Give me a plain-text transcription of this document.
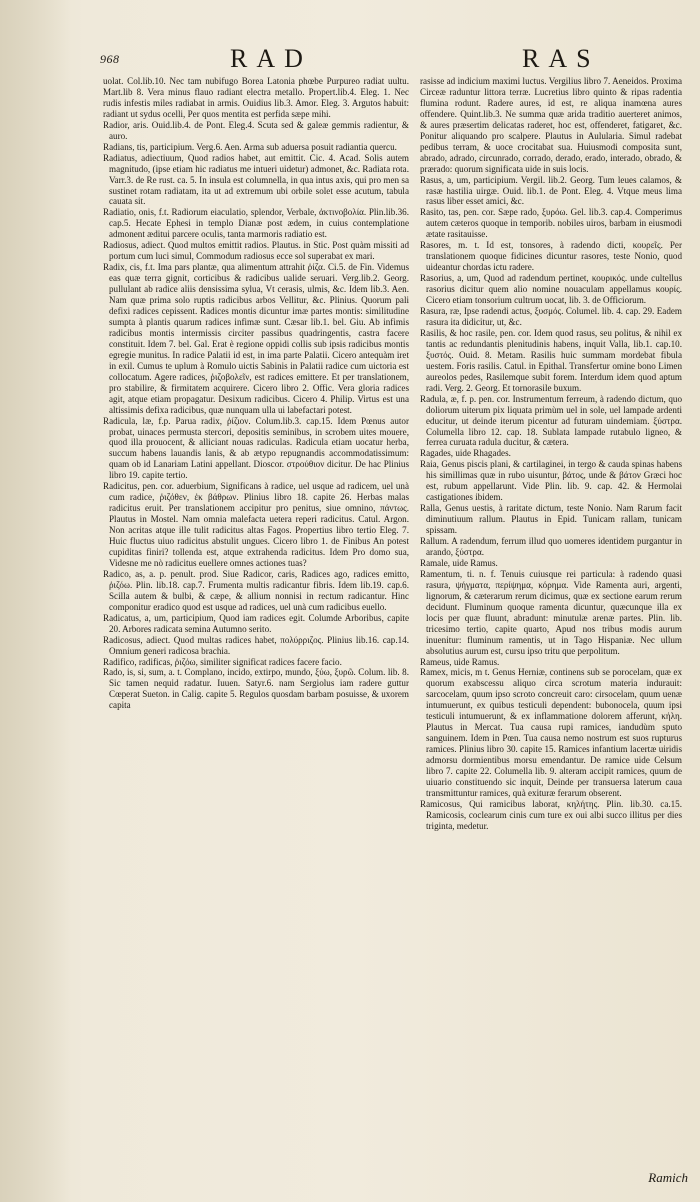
968	RAD	RAS

uolat. Col.lib.10. Nec tam nubifugo Borea Latonia phœbe Purpureo radiat uultu. Mart.lib 8. Vera minus flauo radiant electra metallo. Propert.lib.4. Eleg. 1. Nec rudis infestis miles radiabat in armis. Ouidius lib.3. Amor. Eleg. 3. Argutos habuit: radiant ut sydus ocelli, Per quos mentita est perfida sæpe mihi.

Radior, aris. Ouid.lib.4. de Pont. Eleg.4. Scuta sed & galeæ gemmis radientur, & auro.

Radians, tis, participium. Verg.6. Aen. Arma sub aduersa posuit radiantia quercu.

Radiatus, adiectiuum, Quod radios habet, aut emittit. Cic. 4. Acad. Solis autem magnitudo, (ipse etiam hic radiatus me intueri uidetur) admonet, &c. Radiata rota. Varr.3. de Re rust. ca. 5. In insula est columnella, in qua intus axis, qui pro men sa sustinet rotam radiatam, ita ut ad extremum ubi orbile solet esse acutum, tabula cauata sit.

Radiatio, onis, f.t. Radiorum eiaculatio, splendor, Verbale, ἀκτινοβολία. Plin.lib.36. cap.5. Hecate Ephesi in templo Dianæ post ædem, in cuius contemplatione admonent æditui parcere oculis, tanta marmoris radiatio est.

Radiosus, adiect. Quod multos emittit radios. Plautus. in Stic. Post quàm missiti ad portum cum luci simul, Commodum radiosus ecce sol superabat ex mari.

Radix, cis, f.t. Ima pars plantæ, qua alimentum attrahit ῥίζα. Ci.5. de Fin. Videmus eas quæ terra gignit, corticibus & radicibus ualide seruari. Verg.lib.2. Georg. pullulant ab radice aliis densissima sylua, Vt cerasis, ulmis, &c. Idem lib.3. Aen. Nam quæ prima solo ruptis radicibus arbos Vellitur, &c. Plinius. Quorum pali defixi radices cepissent. Radices montis dicuntur imæ partes montis: similitudine sumpta à plantis quarum radices infimæ sunt. Cæsar lib.1. bel. Giu. Ab infimis radicibus montis intermissis circiter passibus quadringentis, castra facere constituit. Idem 7. bel. Gal. Erat è regione oppidi collis sub ipsis radicibus montis egregie munitus. In radice Palatii id est, in ima parte Palatii. Cicero antequàm iret in exil. Cumus te uplum à Romulo uictis Sabinis in Palatii radice cum uictoria est collocatum. Agere radices, ῥιζοβολεῖν, est radices emittere. Et per translationem, pro stabilire, & firmitatem acquirere. Cicero libro 2. Offic. Vera gloria radices agit, atque etiam propagatur. Desixum radicibus. Cicero 4. Philip. Virtus est una altissimis defixa radicibus, quæ nunquam ulla ui labefactari potest.

Radicula, læ, f.p. Parua radix, ῥίζιον. Colum.lib.3. cap.15. Idem Pœnus autor probat, uinaces permusta stercori, depositis seminibus, in scrobem uites mouere, quod illa prouocent, & alliciant nouas radiculas. Radicula etiam uocatur herba, succum habens lauandis lanis, & ab ætypo repugnandis accommodatissimum: quam ob id Lanariam Latini appellant. Dioscor. στρούθιον dicitur. De hac Plinius libro 19. capite tertio.

Radicitus, pen. cor. aduerbium, Significans à radice, uel usque ad radicem, uel unà cum radice, ῥιζόθεν, ἐκ βάθρων. Plinius libro 18. capite 26. Herbas malas radicitus eruit. Per translationem accipitur pro penitus, siue omnino, πάντως. Plautus in Mostel. Nam omnia malefacta uetera reperi radicitus. Catul. Argon. Non acritas atque ille tulit radicitus altas Fagos. Propertius libro tertio Eleg. 7. Huic fluctus uiuo radicitus abstulit ungues. Cicero libro 1. de Finibus An potest cupiditas finiri? tollenda est, atque extrahenda radicitus. Idem Pro domo sua, Videsne me nò radicitus euellere omnes actiones tuas?

Radico, as, a. p. penult. prod. Siue Radicor, caris, Radices ago, radices emitto, ῥιζόω. Plin. lib.18. cap.7. Frumenta multis radicantur fibris. Idem lib.19. cap.6. Scilla autem & bulbi, & cæpe, & allium nonnisi in rectum radicantur. Hinc componitur eradico quod est usque ad radices, uel unà cum radicibus euello.

Radicatus, a, um, participium, Quod iam radices egit. Columde Arboribus, capite 20. Arbores radicata semina Autumno serito.

Radicosus, adiect. Quod multas radices habet, πολύρριζος. Plinius lib.16. cap.14. Omnium generi radicosa brachia.

Radifico, radificas, ῥιζόω, similiter significat radices facere facio.

Rado, is, si, sum, a. t. Complano, incido, extirpo, mundo, ξύω, ξυρῶ. Colum. lib. 8. Sic tamen nequid radatur. Iuuen. Satyr.6. nam Sergiolus iam radere guttur Cœperat Sueton. in Calig. capite 5. Regulos quosdam barbam posuisse, & uxorem capita

rasisse ad indicium maximi luctus. Vergilius libro 7. Aeneidos. Proxima Circeæ raduntur littora terræ. Lucretius libro quinto & ripas radentia flumina rodunt. Radere aures, id est, re aliqua inamœna aures offendere. Quint.lib.3. Ne summa quæ arida traditio auerteret animos, & aures præsertim delicatas raderet, hoc est, offenderet, fatigaret, &c. Ponitur aliquando pro scalpere. Plautus in Aulularia. Simul radebat pedibus terram, & uoce crocitabat sua. Huiusmodi composita sunt, abrado, adrado, circunrado, corrado, derado, erado, interado, obrado, & prærado: quorum significata uide in suis locis.

Rasus, a, um, participium. Vergil. lib.2. Georg. Tum leues calamos, & rasæ hastilia uirgæ. Ouid. lib.1. de Pont. Eleg. 4. Vtque meus lima rasus liber esset amici, &c.

Rasito, tas, pen. cor. Sæpe rado, ξυρόω. Gel. lib.3. cap.4. Comperimus autem cæteros quoque in temporib. nobiles uiros, barbam in eiusmodi ætate rasitauisse.

Rasores, m. t. Id est, tonsores, à radendo dicti, κουρεῖς. Per translationem quoque fidicines dicuntur rasores, teste Nonio, quod uideantur chordas ictu radere.

Rasorius, a, um, Quod ad radendum pertinet, κουρικός. unde cultellus rasorius dicitur quem alio nomine nouaculam appellamus κουρίς. Cicero etiam tonsorium cultrum uocat, lib. 3. de Officiorum.

Rasura, ræ, Ipse radendi actus, ξυσμός. Columel. lib. 4. cap. 29. Eadem rasura ita didicitur, ut, &c.

Rasilis, & hoc rasile, pen. cor. Idem quod rasus, seu politus, & nihil ex tantis ac redundantis plenitudinis habens, inquit Valla, lib.1. cap.10. ξυστός. Ouid. 8. Metam. Rasilis huic summam mordebat fibula uestem. Foris rasilis. Catul. in Epithal. Transfertur omine bono Limen aureolos pedes, Rasilemque subit forem. Interdum idem quod aptum radi. Verg. 2. Georg. Et tornorasile buxum.

Radula, æ, f. p. pen. cor. Instrumentum ferreum, à radendo dictum, quo doliorum uiterum pix liquata primùm uel in sole, uel lampade ardenti educitur, ut deinde iterum picentur ad futuram uindemiam. ξύστρα. Columella libro 12. cap. 18. Sublata lampade rutabulo ligneo, & ferrea curuata radula ducitur, & cætera.

Ragades, uide Rhagades.

Raia, Genus piscis plani, & cartilaginei, in tergo & cauda spinas habens his simillimas quæ in rubo uisuntur, βάτος, unde & βάτον Græci hoc est, rubum appellarunt. Vide Plin. lib. 9. cap. 42. & Hermolai castigationes ibidem.

Ralla, Genus uestis, à raritate dictum, teste Nonio. Nam Rarum facit diminutiuum rallum. Plautus in Epid. Tunicam rallam, tunicam spissam.

Rallum. A radendum, ferrum illud quo uomeres identidem purgantur in arando, ξύστρα.

Ramale, uide Ramus.

Ramentum, ti. n. f. Tenuis cuiusque rei particula: à radendo quasi rasura, ψήγματα, περίψημα, κόρημα. Vide Ramenta auri, argenti, lignorum, & cæterarum rerum dicimus, quæ ex sectione earum rerum decidunt. Fluminum quoque ramenta dicuntur, quæcunque illa ex locis per quæ fluunt, abradunt: minutulæ arenæ partes. Plin. lib. tricesimo tertio, capite quarto, Apud nos tribus modis aurum inuenitur: fluminum ramentis, ut in Tago Hispaniæ. Nec ullum absolutius aurum est, cursu ipso tritu que perpolitum.

Rameus, uide Ramus.

Ramex, micis, m t. Genus Herniæ, continens sub se porocelam, quæ ex quorum exabscessu aliquo circa scrotum materia indurauit: sarcocelam, quum ipso scroto concreuit caro: cirsocelam, quum uenæ intumuerunt, ex quibus testiculi dependent: bubonocela, quum ipsi testiculi intumuerunt, & ex inflammatione dolorem afferunt, κήλη. Plautus in Mercat. Tua causa rupi ramices, iandudùm sputo sanguinem. Idem in Pœn. Tua causa nemo nostrum est suos rupturus ramices. Plinius libro 30. capite 15. Ramices infantium lacertæ uiridis admorsu dormientibus morsu emendantur. De ramice uide Celsum libro 7. capite 22. Columella lib. 9. alteram accipit ramices, quum de uiuario constituendo sic inquit, Deinde per transuersa laterum caua transmittuntur ramices, quà exituræ ferarum obserent.

Ramicosus, Qui ramicibus laborat, κηλήτης. Plin. lib.30. ca.15. Ramicosis, coclearum cinis cum ture ex oui albi succo illitus per dies triginta, medetur.

Ramich
